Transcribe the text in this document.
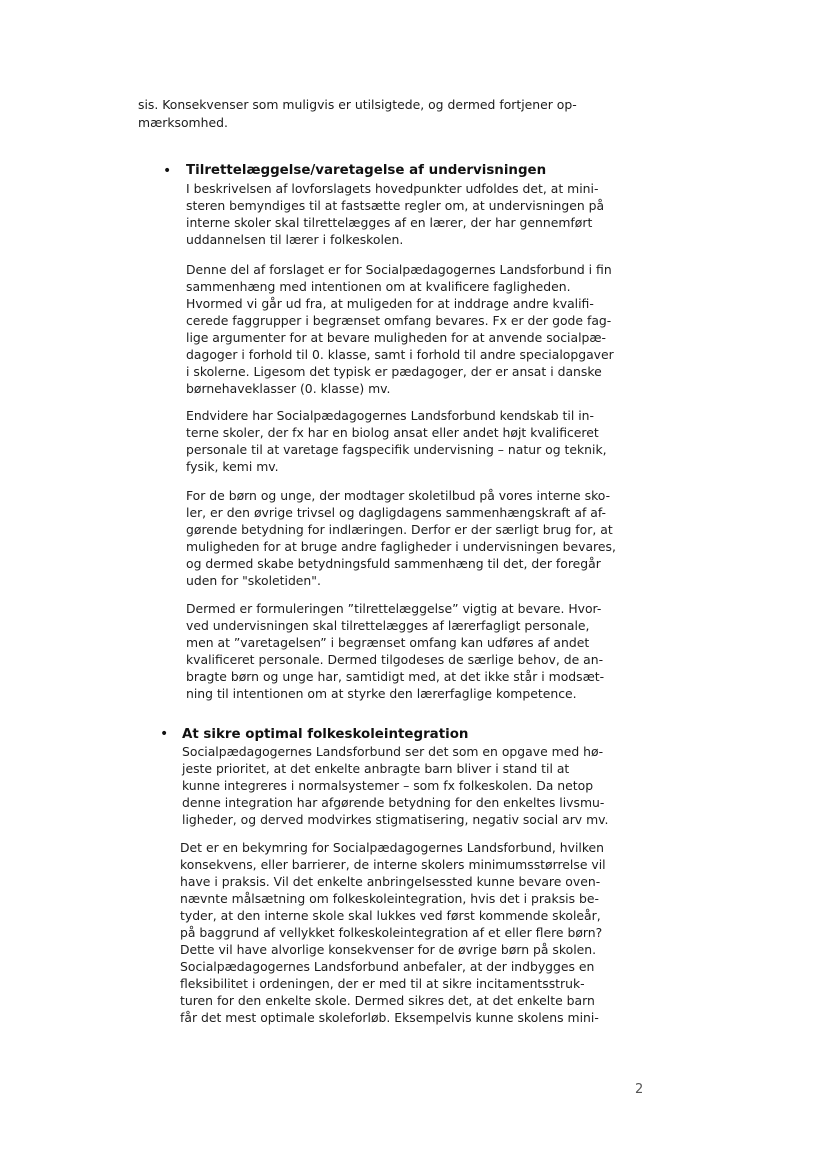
sis. Konsekvenser som muligvis er utilsigtede, og dermed fortjener op-
mærksomhed.
• Tilrettelæggelse/varetagelse af undervisningen
I beskrivelsen af lovforslagets hovedpunkter udfoldes det, at mini-
steren bemyndiges til at fastsætte regler om, at undervisningen på
interne skoler skal tilrettelægges af en lærer, der har gennemført
uddannelsen til lærer i folkeskolen.
Denne del af forslaget er for Socialpædagogernes Landsforbund i fin
sammenhæng med intentionen om at kvalificere fagligheden.
Hvormed vi går ud fra, at muligeden for at inddrage andre kvalifi-
cerede faggrupper i begrænset omfang bevares. Fx er der gode fag-
lige argumenter for at bevare muligheden for at anvende socialpæ-
dagoger i forhold til 0. klasse, samt i forhold til andre specialopgaver
i skolerne. Ligesom det typisk er pædagoger, der er ansat i danske
børnehaveklasser (0. klasse) mv.
Endvidere har Socialpædagogernes Landsforbund kendskab til in-
terne skoler, der fx har en biolog ansat eller andet højt kvalificeret
personale til at varetage fagspecifik undervisning – natur og teknik,
fysik, kemi mv.
For de børn og unge, der modtager skoletilbud på vores interne sko-
ler, er den øvrige trivsel og dagligdagens sammenhængskraft af af-
gørende betydning for indlæringen. Derfor er der særligt brug for, at
muligheden for at bruge andre fagligheder i undervisningen bevares,
og dermed skabe betydningsfuld sammenhæng til det, der foregår
uden for "skoletiden".
Dermed er formuleringen ”tilrettelæggelse” vigtig at bevare. Hvor-
ved undervisningen skal tilrettelægges af lærerfagligt personale,
men at ”varetagelsen” i begrænset omfang kan udføres af andet
kvalificeret personale. Dermed tilgodeses de særlige behov, de an-
bragte børn og unge har, samtidigt med, at det ikke står i modsæt-
ning til intentionen om at styrke den lærerfaglige kompetence.
• At sikre optimal folkeskoleintegration
Socialpædagogernes Landsforbund ser det som en opgave med hø-
jeste prioritet, at det enkelte anbragte barn bliver i stand til at
kunne integreres i normalsystemer – som fx folkeskolen. Da netop
denne integration har afgørende betydning for den enkeltes livsmu-
ligheder, og derved modvirkes stigmatisering, negativ social arv mv.
Det er en bekymring for Socialpædagogernes Landsforbund, hvilken
konsekvens, eller barrierer, de interne skolers minimumsstørrelse vil
have i praksis. Vil det enkelte anbringelsessted kunne bevare oven-
nævnte målsætning om folkeskoleintegration, hvis det i praksis be-
tyder, at den interne skole skal lukkes ved først kommende skoleår,
på baggrund af vellykket folkeskoleintegration af et eller flere børn?
Dette vil have alvorlige konsekvenser for de øvrige børn på skolen.
Socialpædagogernes Landsforbund anbefaler, at der indbygges en
fleksibilitet i ordeningen, der er med til at sikre incitamentsstruk-
turen for den enkelte skole. Dermed sikres det, at det enkelte barn
får det mest optimale skoleforløb. Eksempelvis kunne skolens mini-
2
